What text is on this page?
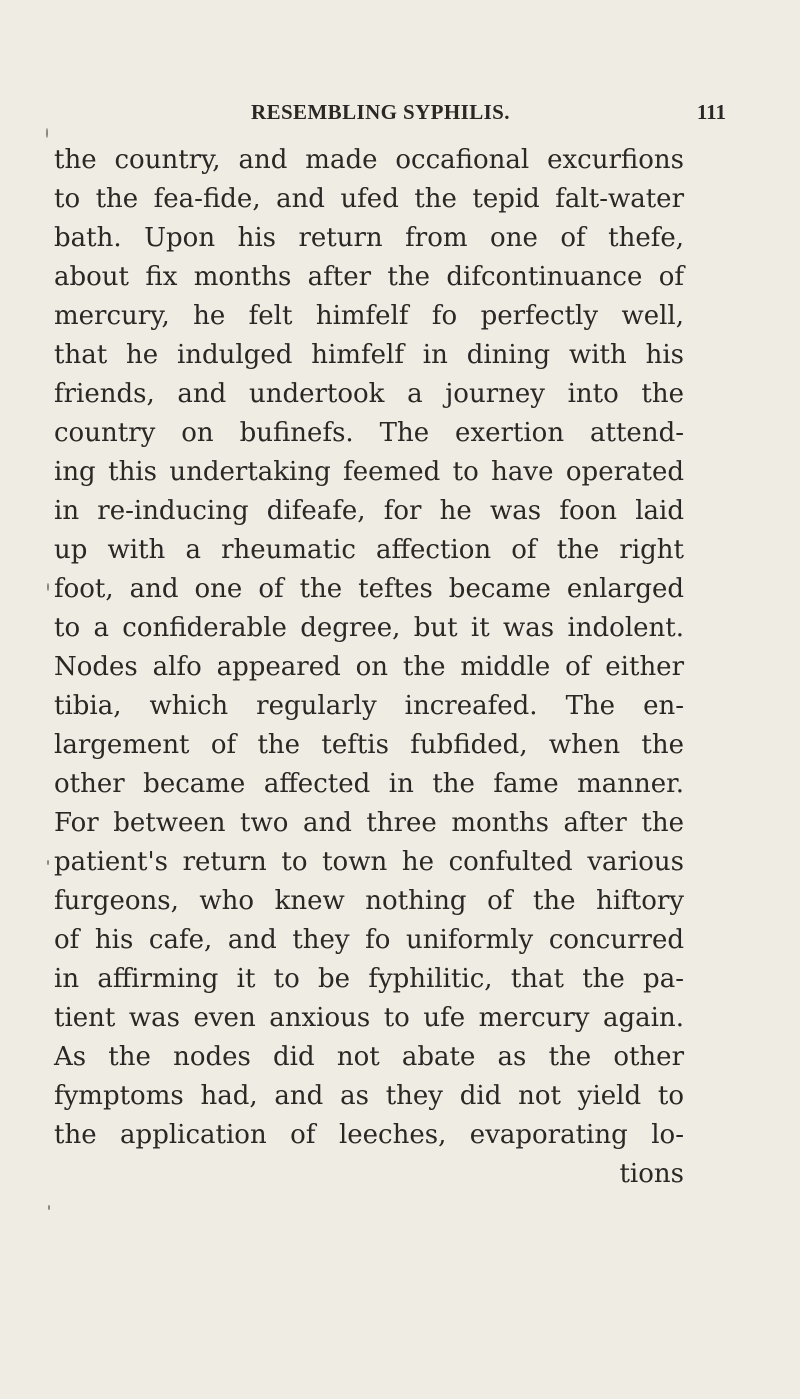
RESEMBLING SYPHILIS.	111
the country, and made occafional excurfions
to the fea-fide, and ufed the tepid falt-water
bath. Upon his return from one of thefe,
about fix months after the difcontinuance of
mercury, he felt himfelf fo perfectly well,
that he indulged himfelf in dining with his
friends, and undertook a journey into the
country on bufinefs. The exertion attend-
ing this undertaking feemed to have operated
in re-inducing difeafe, for he was foon laid
up with a rheumatic affection of the right
foot, and one of the teftes became enlarged
to a confiderable degree, but it was indolent.
Nodes alfo appeared on the middle of either
tibia, which regularly increafed. The en-
largement of the teftis fubfided, when the
other became affected in the fame manner.
For between two and three months after the
patient's return to town he confulted various
furgeons, who knew nothing of the hiftory
of his cafe, and they fo uniformly concurred
in affirming it to be fyphilitic, that the pa-
tient was even anxious to ufe mercury again.
As the nodes did not abate as the other
fymptoms had, and as they did not yield to
the application of leeches, evaporating lo-
tions
